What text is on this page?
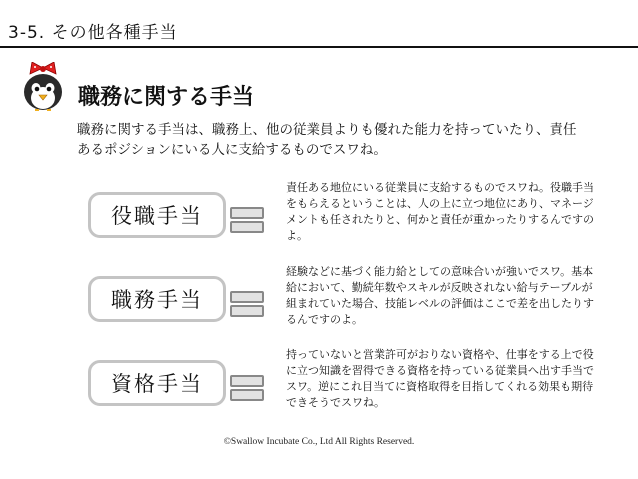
3-5. その他各種手当
職務に関する手当
職務に関する手当は、職務上、他の従業員よりも優れた能力を持っていたり、責任あるポジションにいる人に支給するものでスワね。
役職手当
責任ある地位にいる従業員に支給するものでスワね。役職手当をもらえるということは、人の上に立つ地位にあり、マネージメントも任されたりと、何かと責任が重かったりするんですのよ。
職務手当
経験などに基づく能力給としての意味合いが強いでスワ。基本給において、勤続年数やスキルが反映されない給与テーブルが組まれていた場合、技能レベルの評価はここで差を出したりするんですのよ。
資格手当
持っていないと営業許可がおりない資格や、仕事をする上で役に立つ知識を習得できる資格を持っている従業員へ出す手当でスワ。逆にこれ目当てに資格取得を目指してくれる効果も期待できそうでスワね。
©Swallow Incubate Co., Ltd All Rights Reserved.
